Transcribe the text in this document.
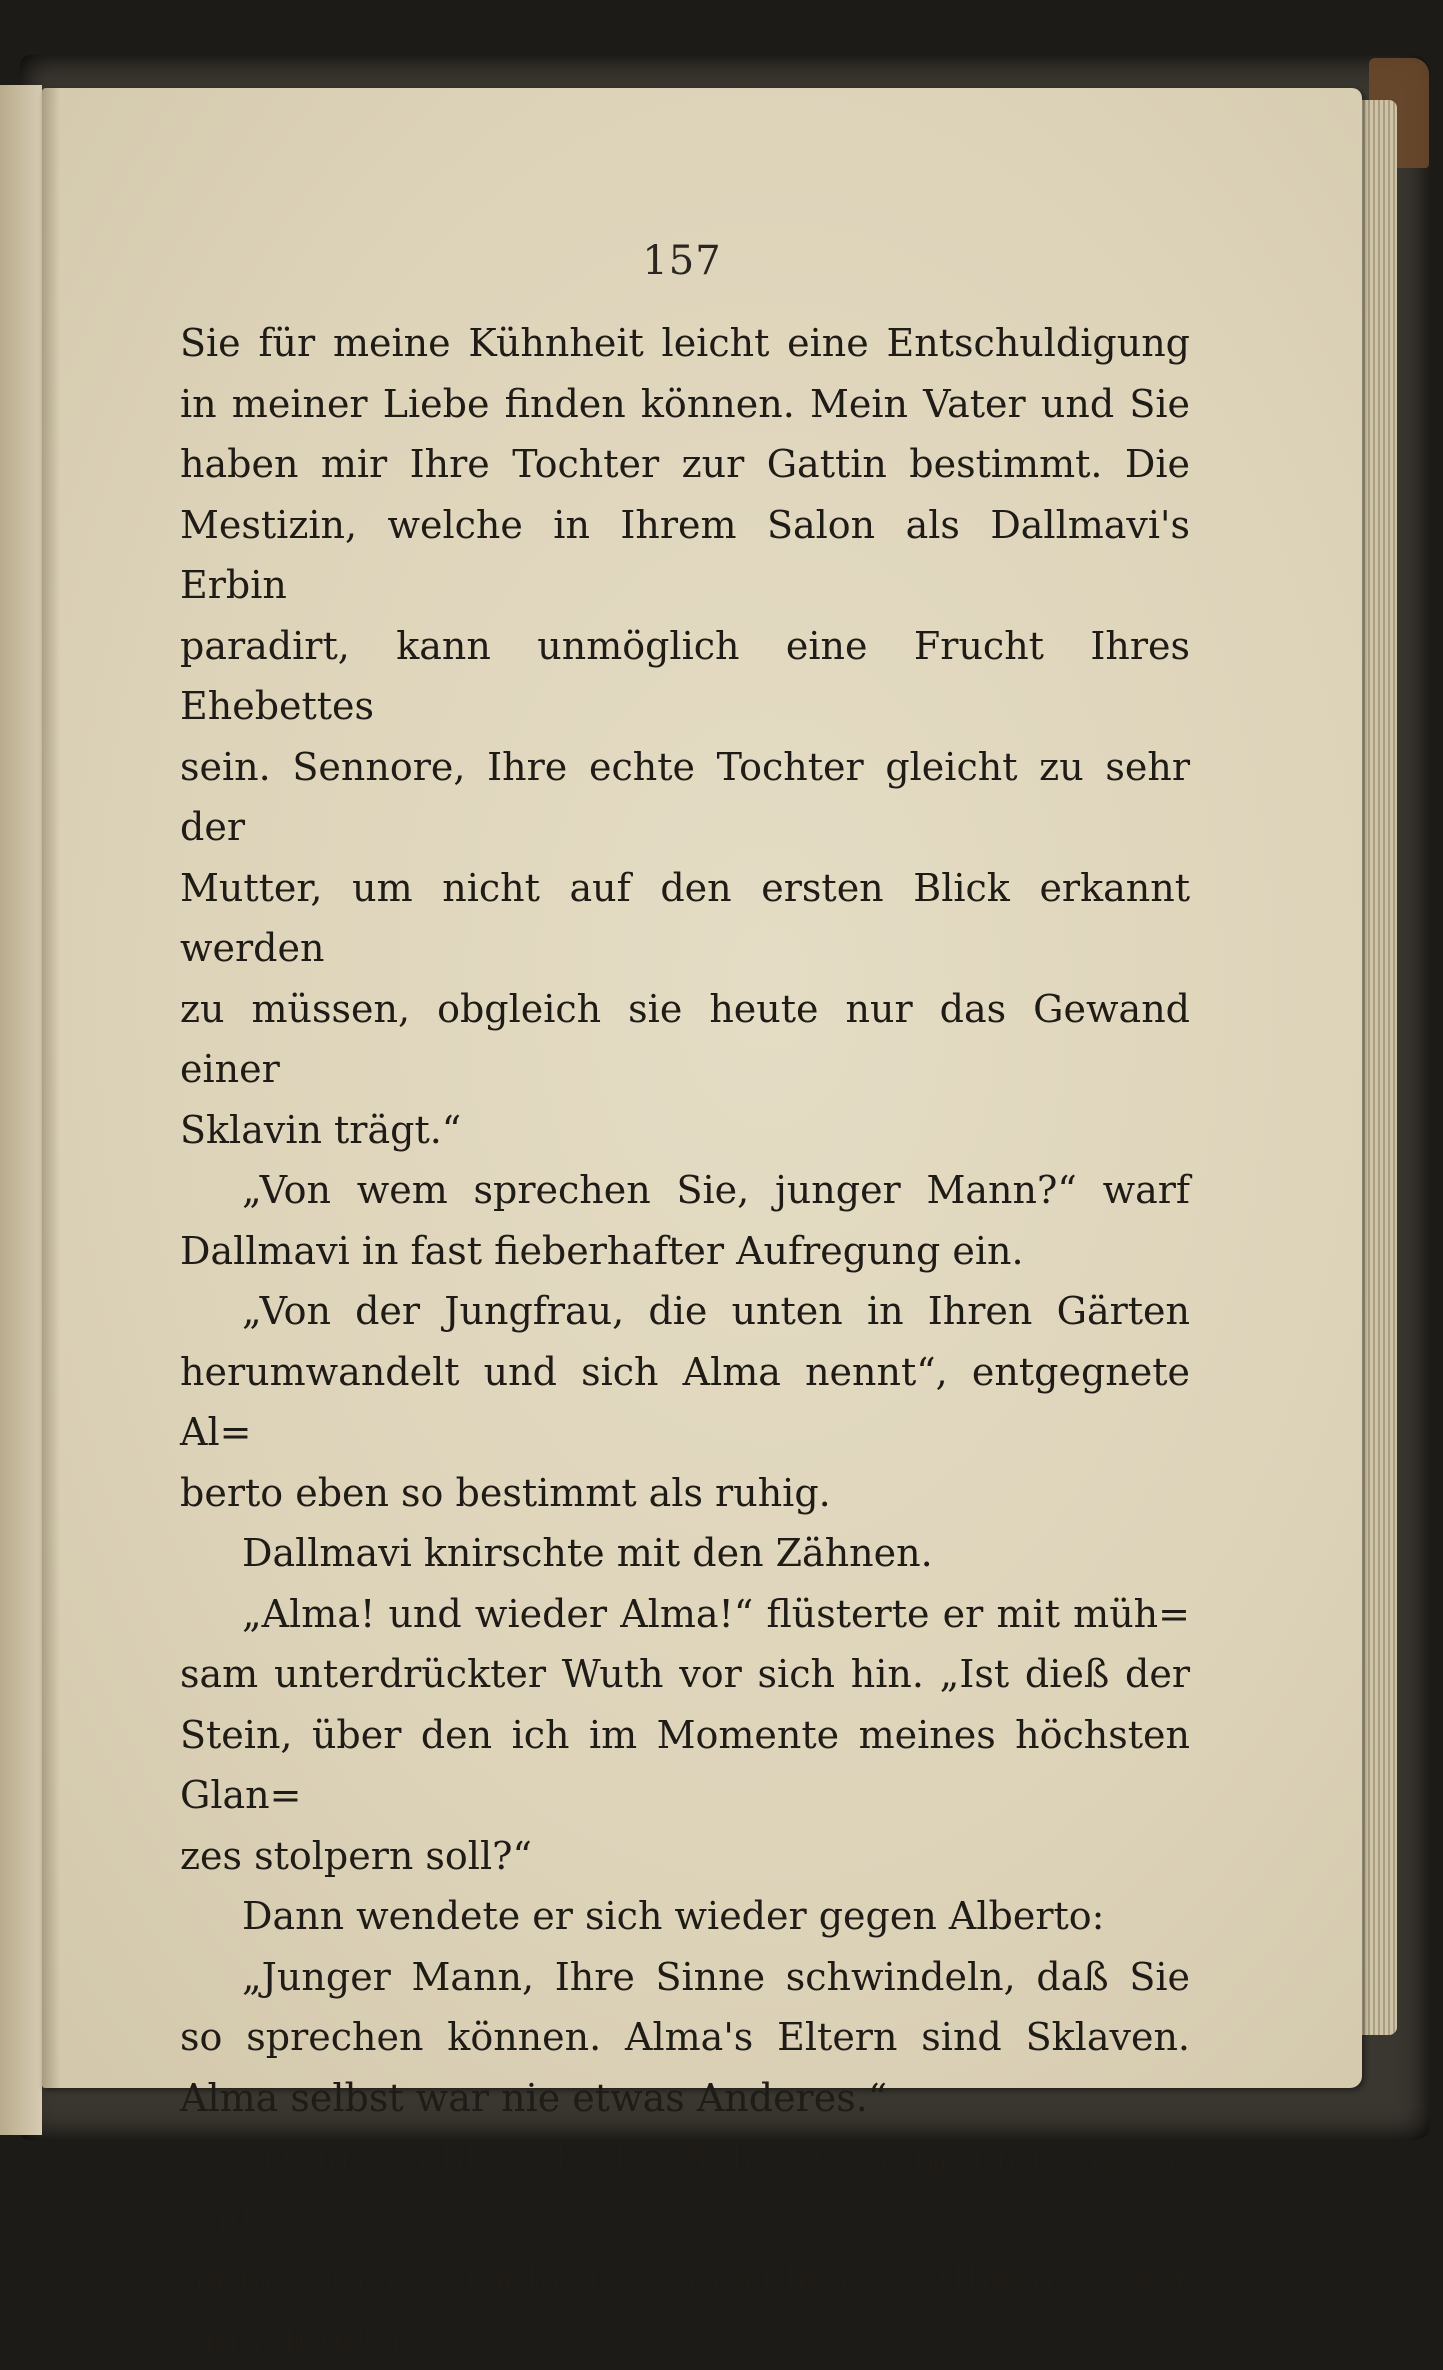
157
Sie für meine Kühnheit leicht eine Entschuldigung
in meiner Liebe finden können. Mein Vater und Sie
haben mir Ihre Tochter zur Gattin bestimmt. Die
Mestizin, welche in Ihrem Salon als Dallmavi's Erbin
paradirt, kann unmöglich eine Frucht Ihres Ehebettes
sein. Sennore, Ihre echte Tochter gleicht zu sehr der
Mutter, um nicht auf den ersten Blick erkannt werden
zu müssen, obgleich sie heute nur das Gewand einer
Sklavin trägt.“
„Von wem sprechen Sie, junger Mann?“ warf
Dallmavi in fast fieberhafter Aufregung ein.
„Von der Jungfrau, die unten in Ihren Gärten
herumwandelt und sich Alma nennt“, entgegnete Al=
berto eben so bestimmt als ruhig.
Dallmavi knirschte mit den Zähnen.
„Alma! und wieder Alma!“ flüsterte er mit müh=
sam unterdrückter Wuth vor sich hin. „Ist dieß der
Stein, über den ich im Momente meines höchsten Glan=
zes stolpern soll?“
Dann wendete er sich wieder gegen Alberto:
„Junger Mann, Ihre Sinne schwindeln, daß Sie
so sprechen können. Alma's Eltern sind Sklaven.
Alma selbst war nie etwas Anderes.“
„Dann wähle ich die Sklavin zu meiner Gattin und
nicht Ihre Tochter“, erwiderte Alberto fest entschieden.
